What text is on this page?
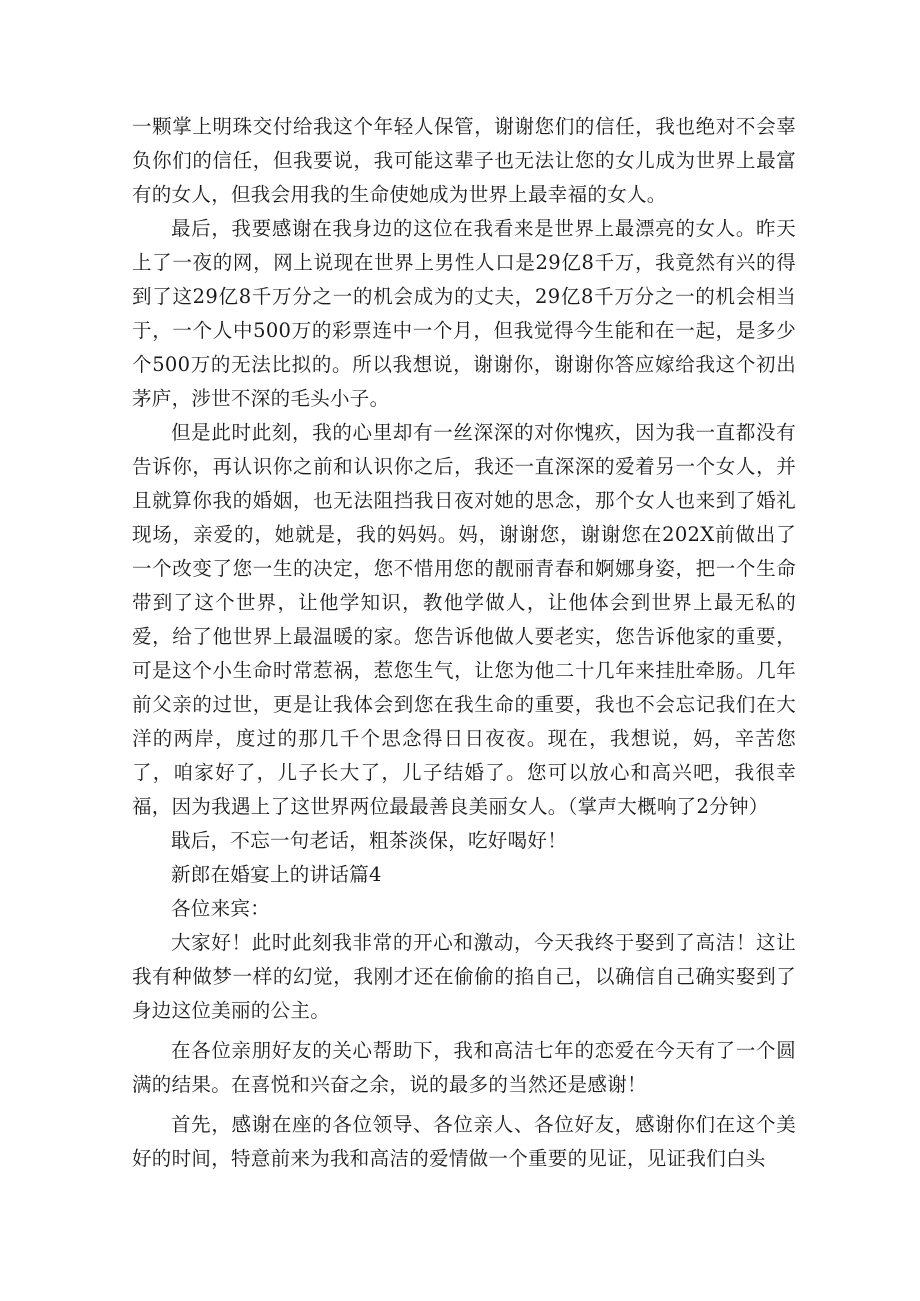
一颗掌上明珠交付给我这个年轻人保管，谢谢您们的信任，我也绝对不会辜负你们的信任，但我要说，我可能这辈子也无法让您的女儿成为世界上最富有的女人，但我会用我的生命使她成为世界上最幸福的女人。

最后，我要感谢在我身边的这位在我看来是世界上最漂亮的女人。昨天上了一夜的网，网上说现在世界上男性人口是29亿8千万，我竟然有兴的得到了这29亿8千万分之一的机会成为的丈夫，29亿8千万分之一的机会相当于，一个人中500万的彩票连中一个月，但我觉得今生能和在一起，是多少个500万的无法比拟的。所以我想说，谢谢你，谢谢你答应嫁给我这个初出茅庐，涉世不深的毛头小子。

但是此时此刻，我的心里却有一丝深深的对你愧疚，因为我一直都没有告诉你，再认识你之前和认识你之后，我还一直深深的爱着另一个女人，并且就算你我的婚姻，也无法阻挡我日夜对她的思念，那个女人也来到了婚礼现场，亲爱的，她就是，我的妈妈。妈，谢谢您，谢谢您在202X前做出了一个改变了您一生的决定，您不惜用您的靓丽青春和婀娜身姿，把一个生命带到了这个世界，让他学知识，教他学做人，让他体会到世界上最无私的爱，给了他世界上最温暖的家。您告诉他做人要老实，您告诉他家的重要，可是这个小生命时常惹祸，惹您生气，让您为他二十几年来挂肚牵肠。几年前父亲的过世，更是让我体会到您在我生命的重要，我也不会忘记我们在大洋的两岸，度过的那几千个思念得日日夜夜。现在，我想说，妈，辛苦您了，咱家好了，儿子长大了，儿子结婚了。您可以放心和高兴吧，我很幸福，因为我遇上了这世界两位最最善良美丽女人。（掌声大概响了2分钟）

戢后，不忘一句老话，粗茶淡保，吃好喝好！

新郎在婚宴上的讲话篇4

各位来宾：

大家好！此时此刻我非常的开心和激动，今天我终于娶到了高洁！这让我有种做梦一样的幻觉，我刚才还在偷偷的掐自己，以确信自己确实娶到了身边这位美丽的公主。

在各位亲朋好友的关心帮助下，我和高洁七年的恋爱在今天有了一个圆满的结果。在喜悦和兴奋之余，说的最多的当然还是感谢！

首先，感谢在座的各位领导、各位亲人、各位好友，感谢你们在这个美好的时间，特意前来为我和高洁的爱情做一个重要的见证，见证我们白头
